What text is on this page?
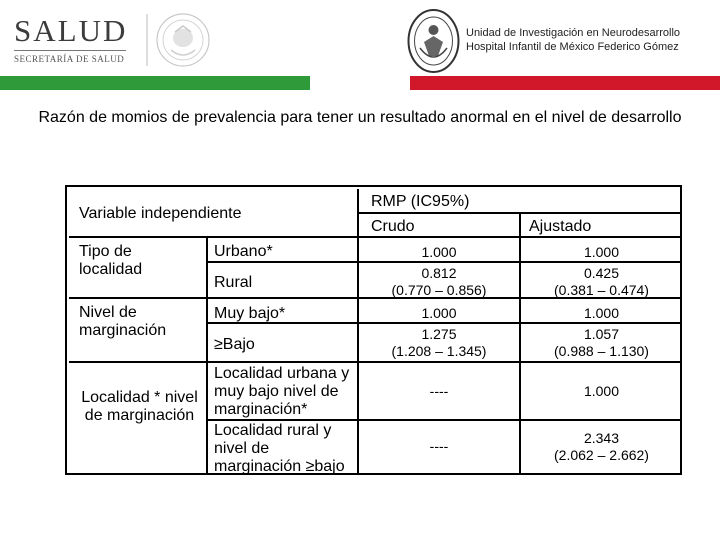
SALUD
SECRETARÍA DE SALUD
Unidad de Investigación en Neurodesarrollo
Hospital Infantil de México Federico Gómez
Razón de momios de prevalencia para tener un resultado anormal en el nivel de desarrollo
Variable independiente
RMP (IC95%)
Crudo	Ajustado
Tipo de localidad
Nivel de marginación
Localidad * nivel de marginación
Urbano*
Rural
Muy bajo*
≥Bajo
Localidad urbana y muy bajo nivel de marginación*
Localidad rural y nivel de marginación ≥bajo
1.000
0.812
(0.770 – 0.856)
1.000
1.275
(1.208 – 1.345)
----
----
1.000
0.425
(0.381 – 0.474)
1.000
1.057
(0.988 – 1.130)
1.000
2.343
(2.062 – 2.662)
